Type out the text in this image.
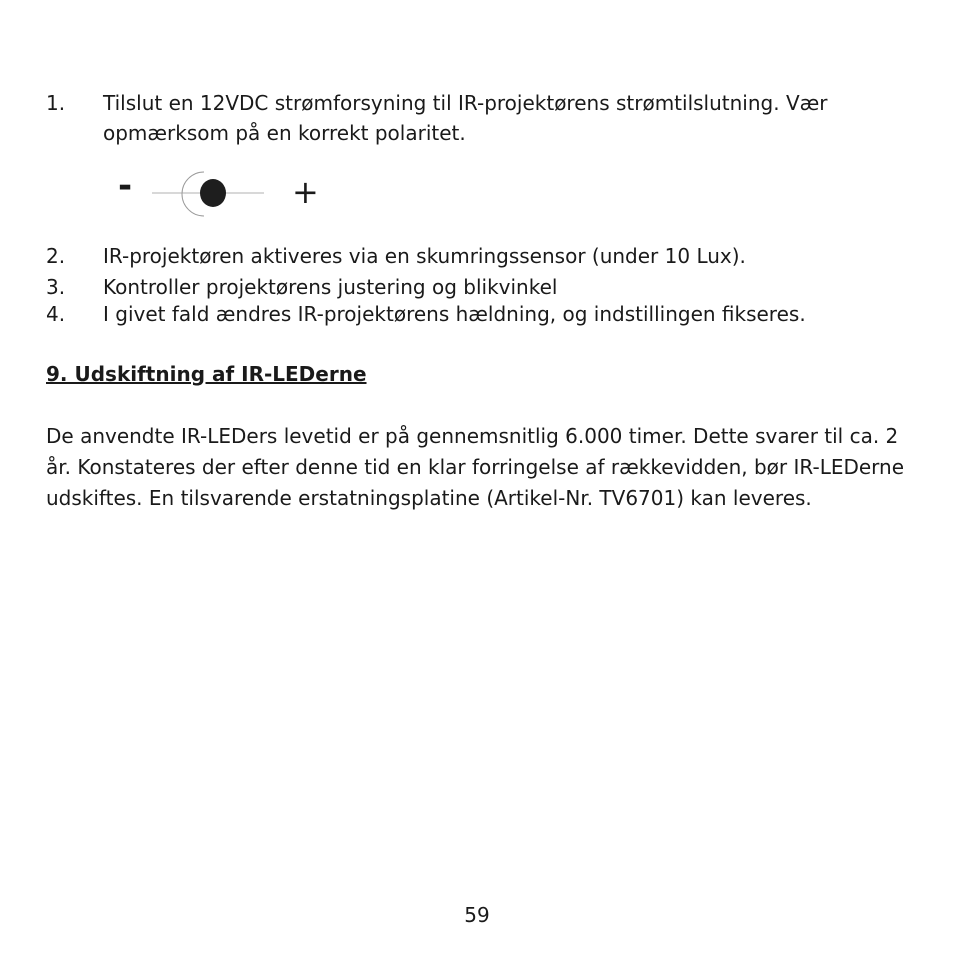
1. Tilslut en 12VDC strømforsyning til IR-projektørens strømtilslutning. Vær opmærksom på en korrekt polaritet.
-	+
2. IR-projektøren aktiveres via en skumringssensor (under 10 Lux).
3. Kontroller projektørens justering og blikvinkel
4. I givet fald ændres IR-projektørens hældning, og indstillingen fikseres.
9. Udskiftning af IR-LEDerne
De anvendte IR-LEDers levetid er på gennemsnitlig 6.000 timer. Dette svarer til ca. 2 år. Konstateres der efter denne tid en klar forringelse af rækkevidden, bør IR-LEDerne udskiftes. En tilsvarende erstatningsplatine (Artikel-Nr. TV6701) kan leveres.
59
